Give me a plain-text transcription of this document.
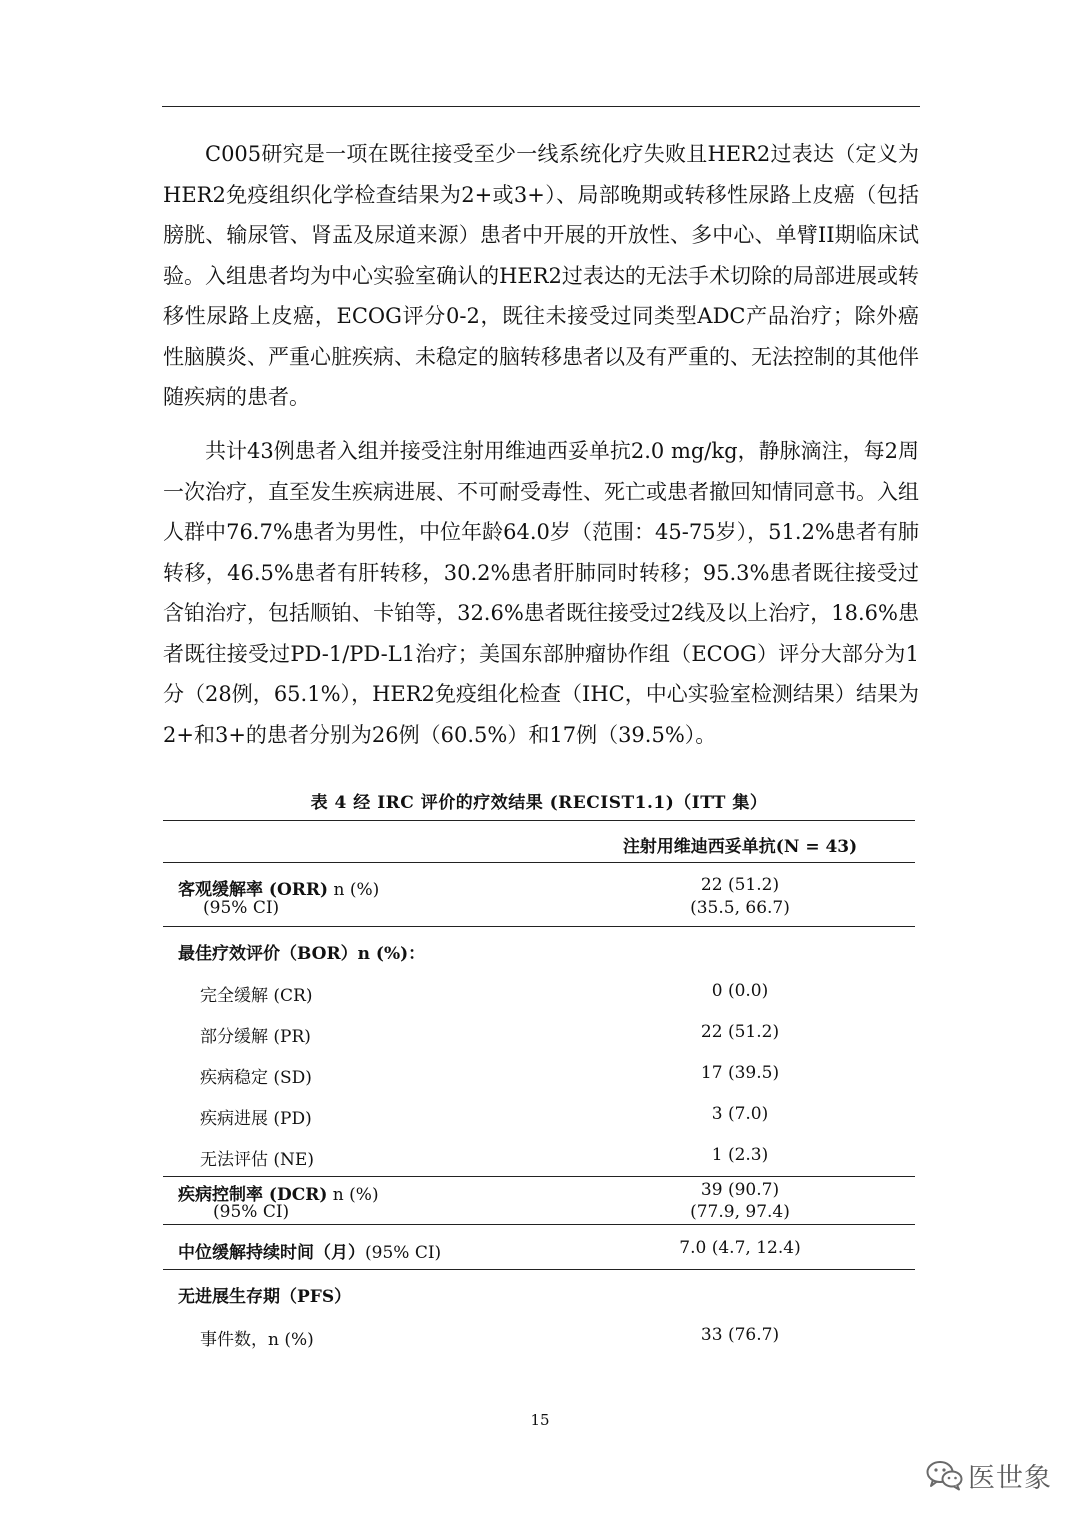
C005研究是一项在既往接受至少一线系统化疗失败且HER2过表达（定义为HER2免疫组织化学检查结果为2+或3+）、局部晚期或转移性尿路上皮癌（包括膀胱、输尿管、肾盂及尿道来源）患者中开展的开放性、多中心、单臂II期临床试验。入组患者均为中心实验室确认的HER2过表达的无法手术切除的局部进展或转移性尿路上皮癌，ECOG评分0-2，既往未接受过同类型ADC产品治疗；除外癌性脑膜炎、严重心脏疾病、未稳定的脑转移患者以及有严重的、无法控制的其他伴随疾病的患者。

共计43例患者入组并接受注射用维迪西妥单抗2.0 mg/kg，静脉滴注，每2周一次治疗，直至发生疾病进展、不可耐受毒性、死亡或患者撤回知情同意书。入组人群中76.7%患者为男性，中位年龄64.0岁（范围：45-75岁），51.2%患者有肺转移，46.5%患者有肝转移，30.2%患者肝肺同时转移；95.3%患者既往接受过含铂治疗，包括顺铂、卡铂等，32.6%患者既往接受过2线及以上治疗，18.6%患者既往接受过PD-1/PD-L1治疗；美国东部肿瘤协作组（ECOG）评分大部分为1分（28例，65.1%），HER2免疫组化检查（IHC，中心实验室检测结果）结果为2+和3+的患者分别为26例（60.5%）和17例（39.5%）。

表 4 经 IRC 评价的疗效结果 (RECIST1.1)（ITT 集）
注射用维迪西妥单抗(N = 43)
客观缓解率 (ORR) n (%)	22 (51.2)
(95% CI)	(35.5, 66.7)
最佳疗效评价（BOR）n (%)：
完全缓解 (CR)	0 (0.0)
部分缓解 (PR)	22 (51.2)
疾病稳定 (SD)	17 (39.5)
疾病进展 (PD)	3 (7.0)
无法评估 (NE)	1 (2.3)
疾病控制率 (DCR) n (%)	39 (90.7)
(95% CI)	(77.9, 97.4)
中位缓解持续时间（月）(95% CI)	7.0 (4.7, 12.4)
无进展生存期（PFS）
事件数，n (%)	33 (76.7)
15
医世象
